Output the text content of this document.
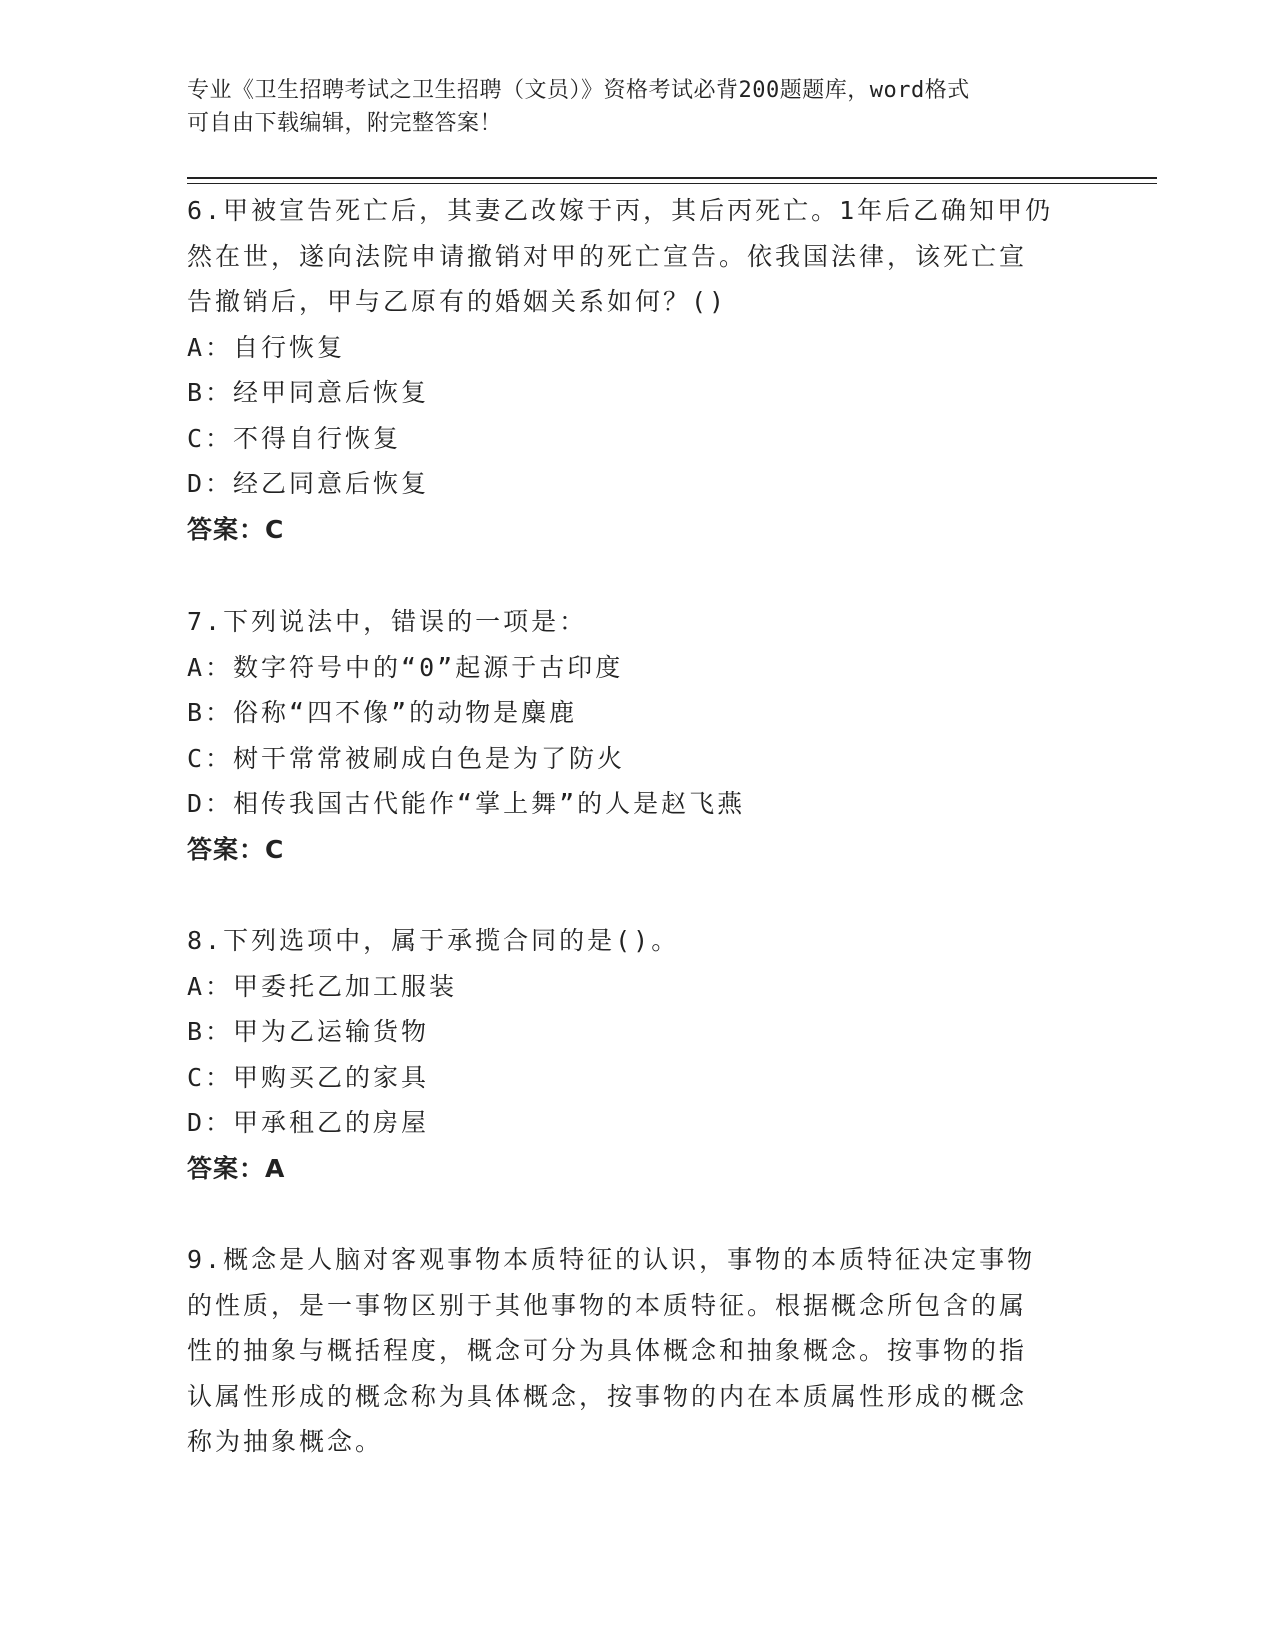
专业《卫生招聘考试之卫生招聘（文员）》资格考试必背200题题库，word格式
可自由下载编辑，附完整答案！
6.甲被宣告死亡后，其妻乙改嫁于丙，其后丙死亡。1年后乙确知甲仍
然在世，遂向法院申请撤销对甲的死亡宣告。依我国法律，该死亡宣
告撤销后，甲与乙原有的婚姻关系如何？()
A：自行恢复
B：经甲同意后恢复
C：不得自行恢复
D：经乙同意后恢复
答案：C
7.下列说法中，错误的一项是：
A：数字符号中的“0”起源于古印度
B：俗称“四不像”的动物是麋鹿
C：树干常常被刷成白色是为了防火
D：相传我国古代能作“掌上舞”的人是赵飞燕
答案：C
8.下列选项中，属于承揽合同的是()。
A：甲委托乙加工服装
B：甲为乙运输货物
C：甲购买乙的家具
D：甲承租乙的房屋
答案：A
9.概念是人脑对客观事物本质特征的认识，事物的本质特征决定事物
的性质，是一事物区别于其他事物的本质特征。根据概念所包含的属
性的抽象与概括程度，概念可分为具体概念和抽象概念。按事物的指
认属性形成的概念称为具体概念，按事物的内在本质属性形成的概念
称为抽象概念。
